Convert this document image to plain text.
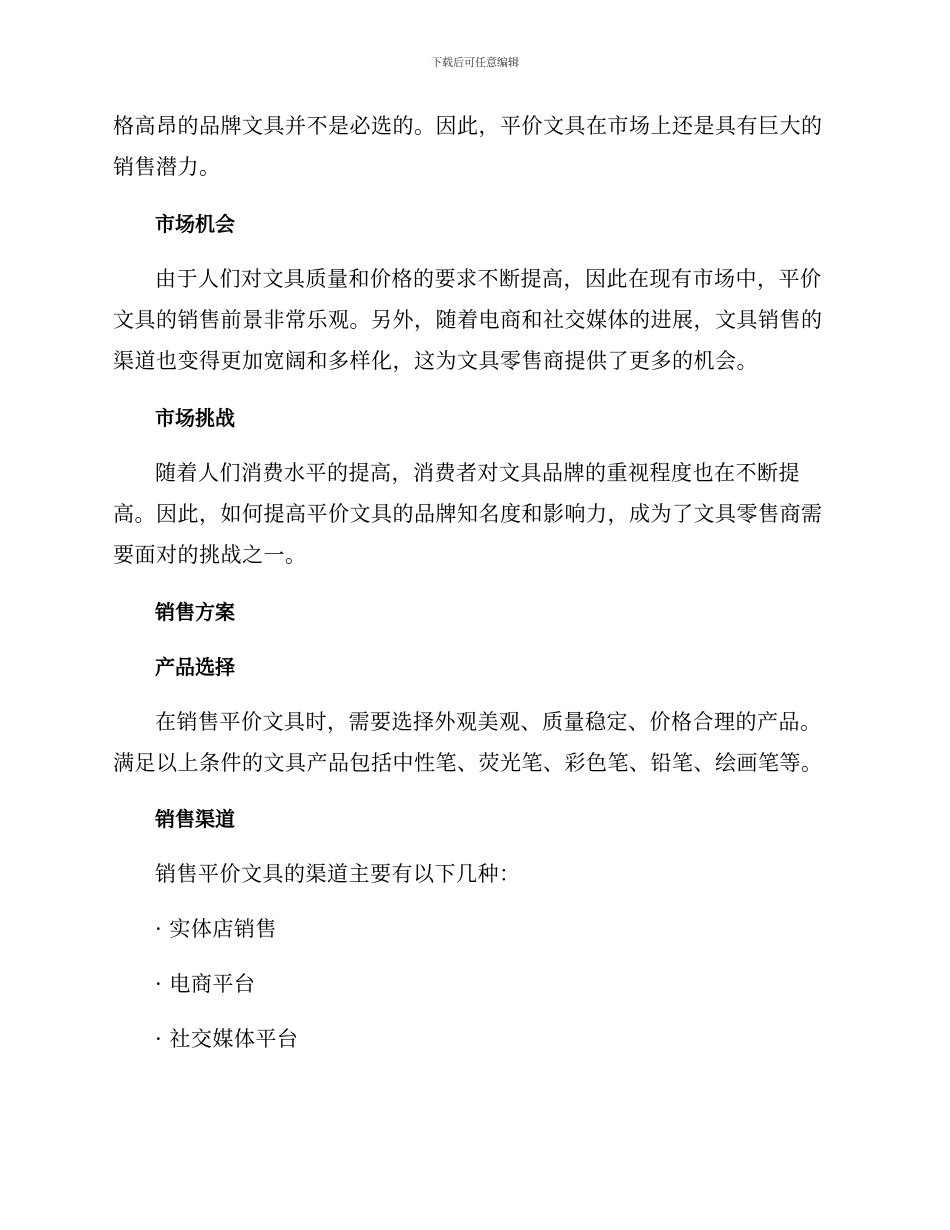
下载后可任意编辑
格高昂的品牌文具并不是必选的。因此，平价文具在市场上还是具有巨大的销售潜力。
市场机会
由于人们对文具质量和价格的要求不断提高，因此在现有市场中，平价文具的销售前景非常乐观。另外，随着电商和社交媒体的进展，文具销售的渠道也变得更加宽阔和多样化，这为文具零售商提供了更多的机会。
市场挑战
随着人们消费水平的提高，消费者对文具品牌的重视程度也在不断提高。因此，如何提高平价文具的品牌知名度和影响力，成为了文具零售商需要面对的挑战之一。
销售方案
产品选择
在销售平价文具时，需要选择外观美观、质量稳定、价格合理的产品。满足以上条件的文具产品包括中性笔、荧光笔、彩色笔、铅笔、绘画笔等。
销售渠道
销售平价文具的渠道主要有以下几种：
· 实体店销售
· 电商平台
· 社交媒体平台
